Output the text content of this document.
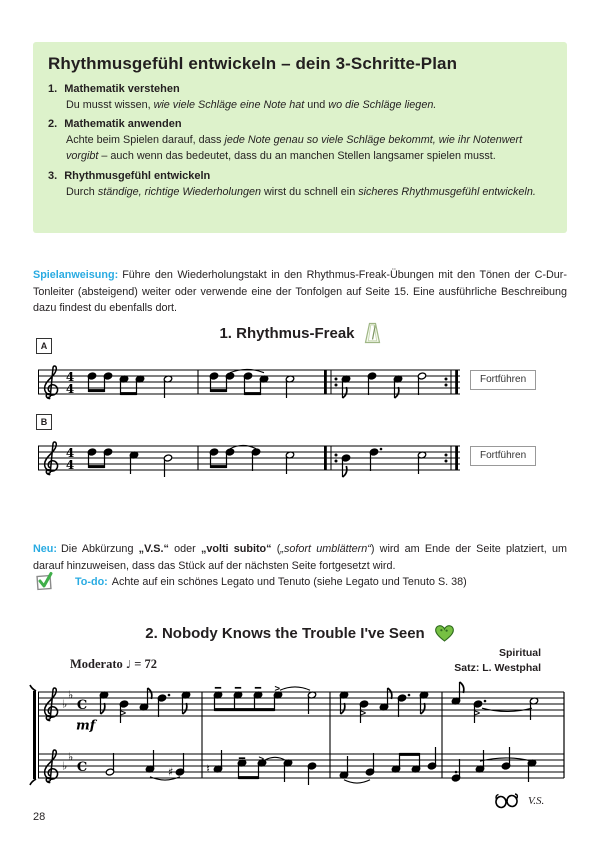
Rhythmusgefühl entwickeln – dein 3-Schritte-Plan

1. Mathematik verstehen

Du musst wissen, wie viele Schläge eine Note hat und wo die Schläge liegen.

2. Mathematik anwenden

Achte beim Spielen darauf, dass jede Note genau so viele Schläge bekommt, wie ihr Notenwert vorgibt – auch wenn das bedeutet, dass du an manchen Stellen langsamer spielen musst.

3. Rhythmusgefühl entwickeln

Durch ständige, richtige Wiederholungen wirst du schnell ein sicheres Rhythmusgefühl entwickeln.

Spielanweisung: Führe den Wiederholungstakt in den Rhythmus-Freak-Übungen mit den Tönen der C-Dur-Tonleiter (absteigend) weiter oder verwende eine der Tonfolgen auf Seite 15. Eine ausführliche Beschreibung dazu findest du ebenfalls dort.

1. Rhythmus-Freak
A
4
4
Fortführen
B
4
4
Fortführen

Neu: Die Abkürzung „V.S.“ oder „volti subito“ („sofort umblättern“) wird am Ende der Seite platziert, um darauf hinzuweisen, dass das Stück auf der nächsten Seite fortgesetzt wird.

To-do: Achte auf ein schönes Legato und Tenuto (siehe Legato und Tenuto S. 38)

2. Nobody Knows the Trouble I've Seen
Spiritual
Satz: L. Westphal
Moderato ♩ = 72
♭
♭
C
mf
>
>
>	>
♭
♭
C	♯	♮
>
V.S.
28
